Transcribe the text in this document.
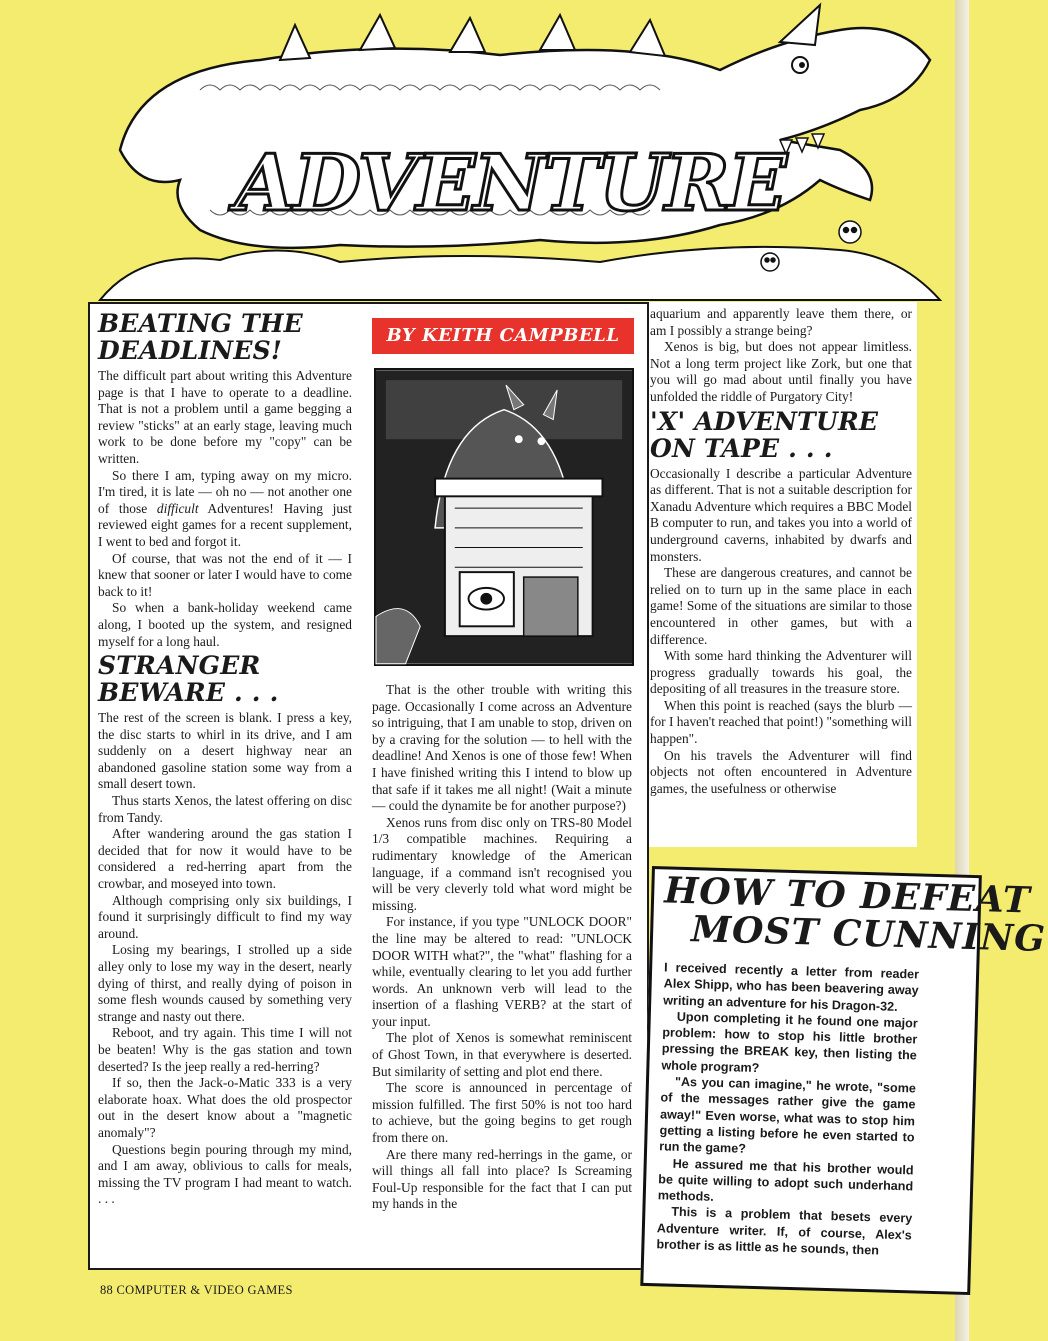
ADVENTURE
BEATING THE DEADLINES!

The difficult part about writing this Adventure page is that I have to operate to a deadline. That is not a problem until a game begging a review "sticks" at an early stage, leaving much work to be done before my "copy" can be written.

So there I am, typing away on my micro. I'm tired, it is late — oh no — not another one of those difficult Adventures! Having just reviewed eight games for a recent supplement, I went to bed and forgot it.

Of course, that was not the end of it — I knew that sooner or later I would have to come back to it!

So when a bank-holiday weekend came along, I booted up the system, and resigned myself for a long haul.

STRANGER BEWARE . . .

The rest of the screen is blank. I press a key, the disc starts to whirl in its drive, and I am suddenly on a desert highway near an abandoned gasoline station some way from a small desert town.

Thus starts Xenos, the latest offering on disc from Tandy.

After wandering around the gas station I decided that for now it would have to be considered a red-herring apart from the crowbar, and moseyed into town.

Although comprising only six buildings, I found it surprisingly difficult to find my way around.

Losing my bearings, I strolled up a side alley only to lose my way in the desert, nearly dying of thirst, and really dying of poison in some flesh wounds caused by something very strange and nasty out there.

Reboot, and try again. This time I will not be beaten! Why is the gas station and town deserted? Is the jeep really a red-herring?

If so, then the Jack-o-Matic 333 is a very elaborate hoax. What does the old prospector out in the desert know about a "magnetic anomaly"?

Questions begin pouring through my mind, and I am away, oblivious to calls for meals, missing the TV program I had meant to watch. . . .

BY KEITH CAMPBELL

That is the other trouble with writing this page. Occasionally I come across an Adventure so intriguing, that I am unable to stop, driven on by a craving for the solution — to hell with the deadline! And Xenos is one of those few! When I have finished writing this I intend to blow up that safe if it takes me all night! (Wait a minute — could the dynamite be for another purpose?)

Xenos runs from disc only on TRS-80 Model 1/3 compatible machines. Requiring a rudimentary knowledge of the American language, if a command isn't recognised you will be very cleverly told what word might be missing.

For instance, if you type "UNLOCK DOOR" the line may be altered to read: "UNLOCK DOOR WITH what?", the "what" flashing for a while, eventually clearing to let you add further words. An unknown verb will lead to the insertion of a flashing VERB? at the start of your input.

The plot of Xenos is somewhat reminiscent of Ghost Town, in that everywhere is deserted. But similarity of setting and plot end there.

The score is announced in percentage of mission fulfilled. The first 50% is not too hard to achieve, but the going begins to get rough from there on.

Are there many red-herrings in the game, or will things all fall into place? Is Screaming Foul-Up responsible for the fact that I can put my hands in the

aquarium and apparently leave them there, or am I possibly a strange being?

Xenos is big, but does not appear limitless. Not a long term project like Zork, but one that you will go mad about until finally you have unfolded the riddle of Purgatory City!

'X' ADVENTURE ON TAPE . . .

Occasionally I describe a particular Adventure as different. That is not a suitable description for Xanadu Adventure which requires a BBC Model B computer to run, and takes you into a world of underground caverns, inhabited by dwarfs and monsters.

These are dangerous creatures, and cannot be relied on to turn up in the same place in each game! Some of the situations are similar to those encountered in other games, but with a difference.

With some hard thinking the Adventurer will progress gradually towards his goal, the depositing of all treasures in the treasure store.

When this point is reached (says the blurb — for I haven't reached that point!) "something will happen".

On his travels the Adventurer will find objects not often encountered in Adventure games, the usefulness or otherwise

HOW TO DEFEAT
MOST CUNNING

I received recently a letter from reader Alex Shipp, who has been beavering away writing an adventure for his Dragon-32.

Upon completing it he found one major problem: how to stop his little brother pressing the BREAK key, then listing the whole program?

"As you can imagine," he wrote, "some of the messages rather give the game away!" Even worse, what was to stop him getting a listing before he even started to run the game?

He assured me that his brother would be quite willing to adopt such underhand methods.

This is a problem that besets every Adventure writer. If, of course, Alex's brother is as little as he sounds, then

88 COMPUTER & VIDEO GAMES
